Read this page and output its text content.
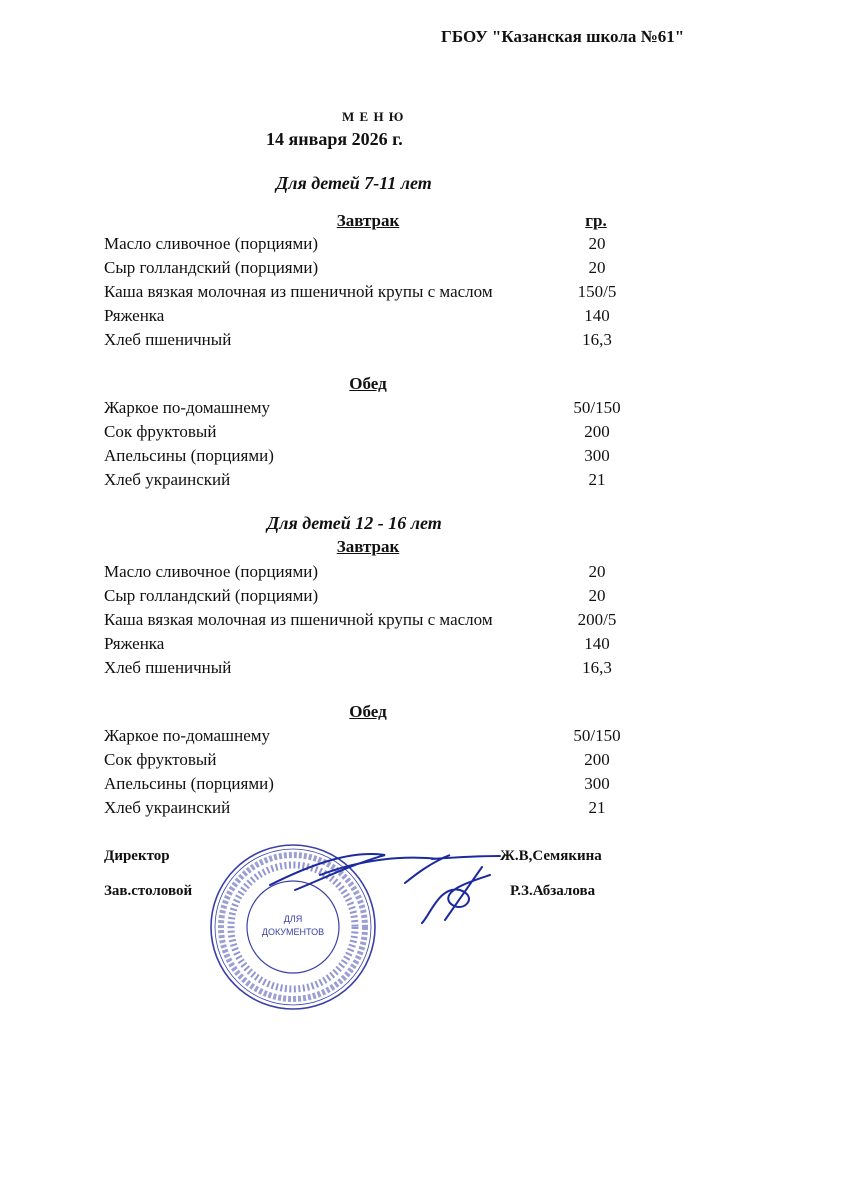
ГБОУ "Казанская школа №61"
М Е Н Ю
14 января 2026 г.
Для детей 7-11 лет
Завтрак	гр.
Масло сливочное (порциями)	20
Сыр голландский (порциями)	20
Каша вязкая молочная из пшеничной крупы с маслом	150/5
Ряженка	140
Хлеб пшеничный	16,3
Обед
Жаркое по-домашнему	50/150
Сок фруктовый	200
Апельсины (порциями)	300
Хлеб украинский	21
Для детей 12 - 16 лет
Завтрак
Масло сливочное (порциями)	20
Сыр голландский (порциями)	20
Каша вязкая молочная из пшеничной крупы с маслом	200/5
Ряженка	140
Хлеб пшеничный	16,3
Обед
Жаркое по-домашнему	50/150
Сок фруктовый	200
Апельсины (порциями)	300
Хлеб украинский	21
Директор	Ж.В,Семякина
Зав.столовой	Р.З.Абзалова
ДЛЯ
ДОКУМЕНТОВ
